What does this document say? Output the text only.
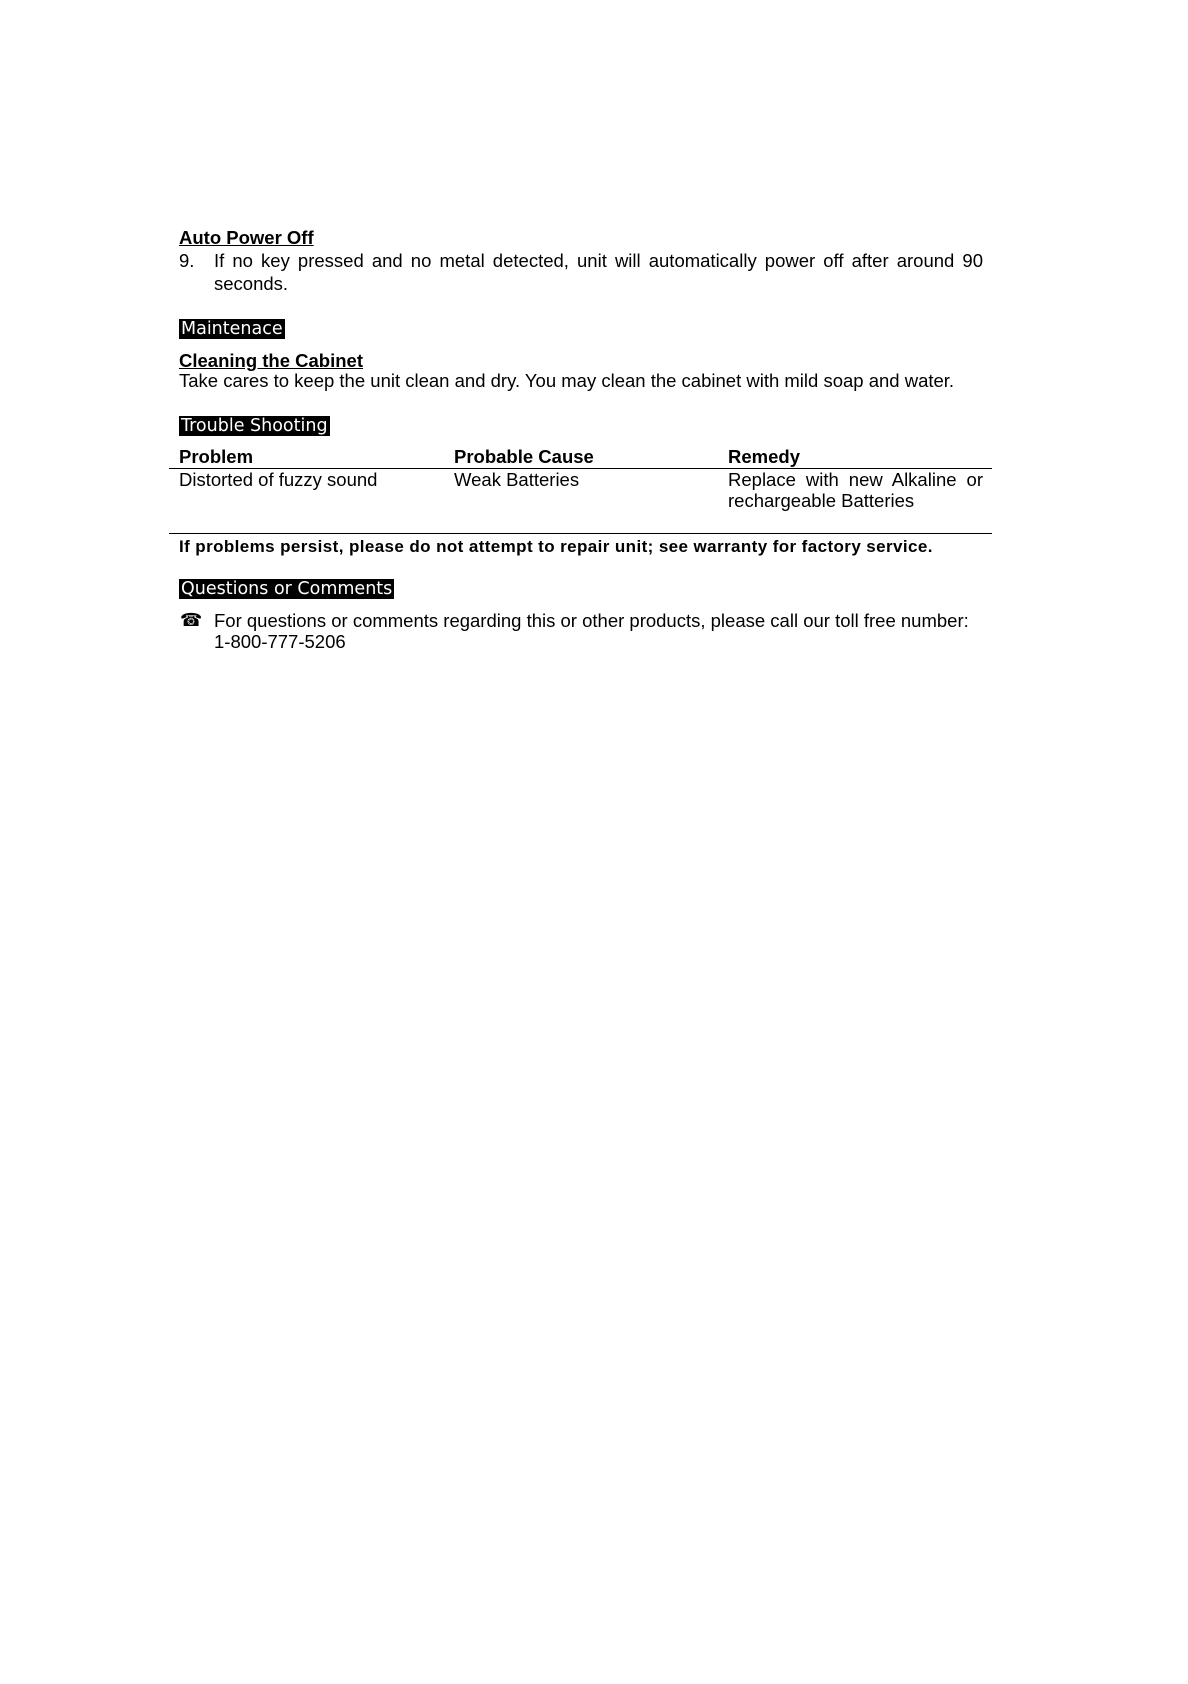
Auto Power Off
9.	If no key pressed and no metal detected, unit will automatically power off after around 90 seconds.
Maintenace
Cleaning the Cabinet
Take cares to keep the unit clean and dry. You may clean the cabinet with mild soap and water.
Trouble Shooting
Problem	Probable Cause	Remedy
Distorted of fuzzy sound	Weak Batteries	Replace with new Alkaline or rechargeable Batteries
If problems persist, please do not attempt to repair unit; see warranty for factory service.
Questions or Comments
☎
For questions or comments regarding this or other products, please call our toll free number:
1-800-777-5206
